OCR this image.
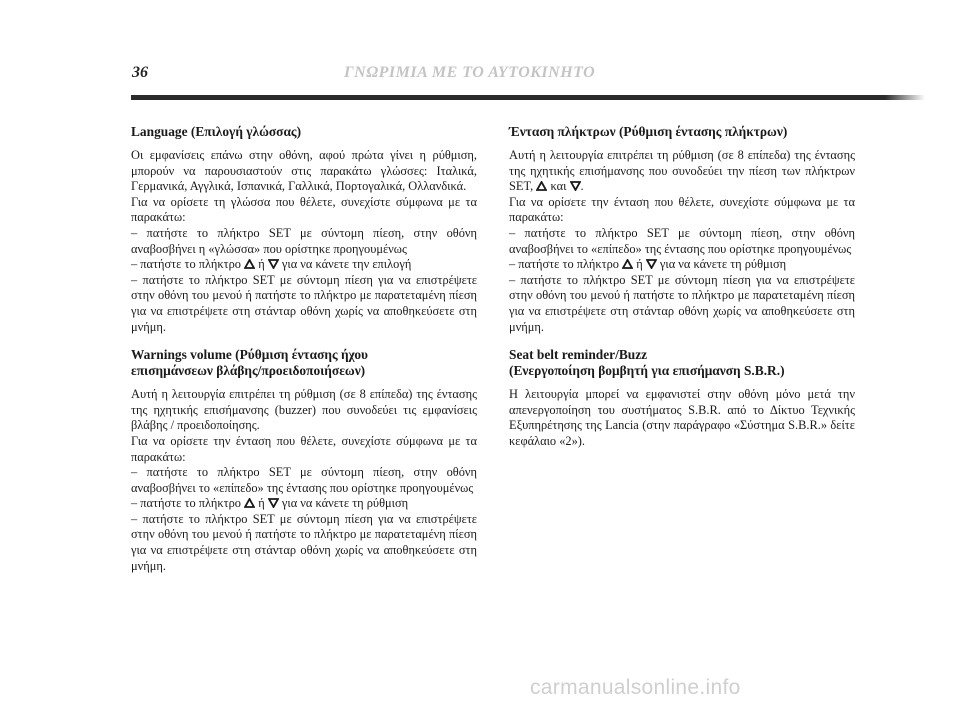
36	ΓΝΩΡΙΜΙΑ ΜΕ ΤΟ ΑΥΤΟΚΙΝΗΤΟ
Language (Επιλογή γλώσσας)

Οι εμφανίσεις επάνω στην οθόνη, αφού πρώτα γίνει η ρύθμιση, μπορούν να παρουσιαστούν στις παρακάτω γλώσσες: Ιταλικά, Γερμανικά, Αγγλικά, Ισπανικά, Γαλλικά, Πορτογαλικά, Ολλανδικά.

Για να ορίσετε τη γλώσσα που θέλετε, συνεχίστε σύμφωνα με τα παρακάτω:

– πατήστε το πλήκτρο SET με σύντομη πίεση, στην οθόνη αναβοσβήνει η «γλώσσα» που ορίστηκε προηγουμένως

– πατήστε το πλήκτρο ή για να κάνετε την επιλογή

– πατήστε το πλήκτρο SET με σύντομη πίεση για να επιστρέψετε στην οθόνη του μενού ή πατήστε το πλήκτρο με παρατεταμένη πίεση για να επιστρέψετε στη στάνταρ οθόνη χωρίς να αποθηκεύσετε στη μνήμη.

Warnings volume (Ρύθμιση έντασης ήχου
επισημάνσεων βλάβης/προειδοποιήσεων)

Αυτή η λειτουργία επιτρέπει τη ρύθμιση (σε 8 επίπεδα) της έντασης της ηχητικής επισήμανσης (buzzer) που συνοδεύει τις εμφανίσεις βλάβης / προειδοποίησης.

Για να ορίσετε την ένταση που θέλετε, συνεχίστε σύμφωνα με τα παρακάτω:

– πατήστε το πλήκτρο SET με σύντομη πίεση, στην οθόνη αναβοσβήνει το «επίπεδο» της έντασης που ορίστηκε προηγουμένως

– πατήστε το πλήκτρο ή για να κάνετε τη ρύθμιση

– πατήστε το πλήκτρο SET με σύντομη πίεση για να επιστρέψετε στην οθόνη του μενού ή πατήστε το πλήκτρο με παρατεταμένη πίεση για να επιστρέψετε στη στάνταρ οθόνη χωρίς να αποθηκεύσετε στη μνήμη.

Ένταση πλήκτρων (Ρύθμιση έντασης πλήκτρων)

Αυτή η λειτουργία επιτρέπει τη ρύθμιση (σε 8 επίπεδα) της έντασης της ηχητικής επισήμανσης που συνοδεύει την πίεση των πλήκτρων SET, και .

Για να ορίσετε την ένταση που θέλετε, συνεχίστε σύμφωνα με τα παρακάτω:

– πατήστε το πλήκτρο SET με σύντομη πίεση, στην οθόνη αναβοσβήνει το «επίπεδο» της έντασης που ορίστηκε προηγουμένως

– πατήστε το πλήκτρο ή για να κάνετε τη ρύθμιση

– πατήστε το πλήκτρο SET με σύντομη πίεση για να επιστρέψετε στην οθόνη του μενού ή πατήστε το πλήκτρο με παρατεταμένη πίεση για να επιστρέψετε στη στάνταρ οθόνη χωρίς να αποθηκεύσετε στη μνήμη.

Seat belt reminder/Buzz
(Ενεργοποίηση βομβητή για επισήμανση S.B.R.)

Η λειτουργία μπορεί να εμφανιστεί στην οθόνη μόνο μετά την απενεργοποίηση του συστήματος S.B.R. από το Δίκτυο Τεχνικής Εξυπηρέτησης της Lancia (στην παράγραφο «Σύστημα S.B.R.» δείτε κεφάλαιο «2»).

carmanualsonline.info
